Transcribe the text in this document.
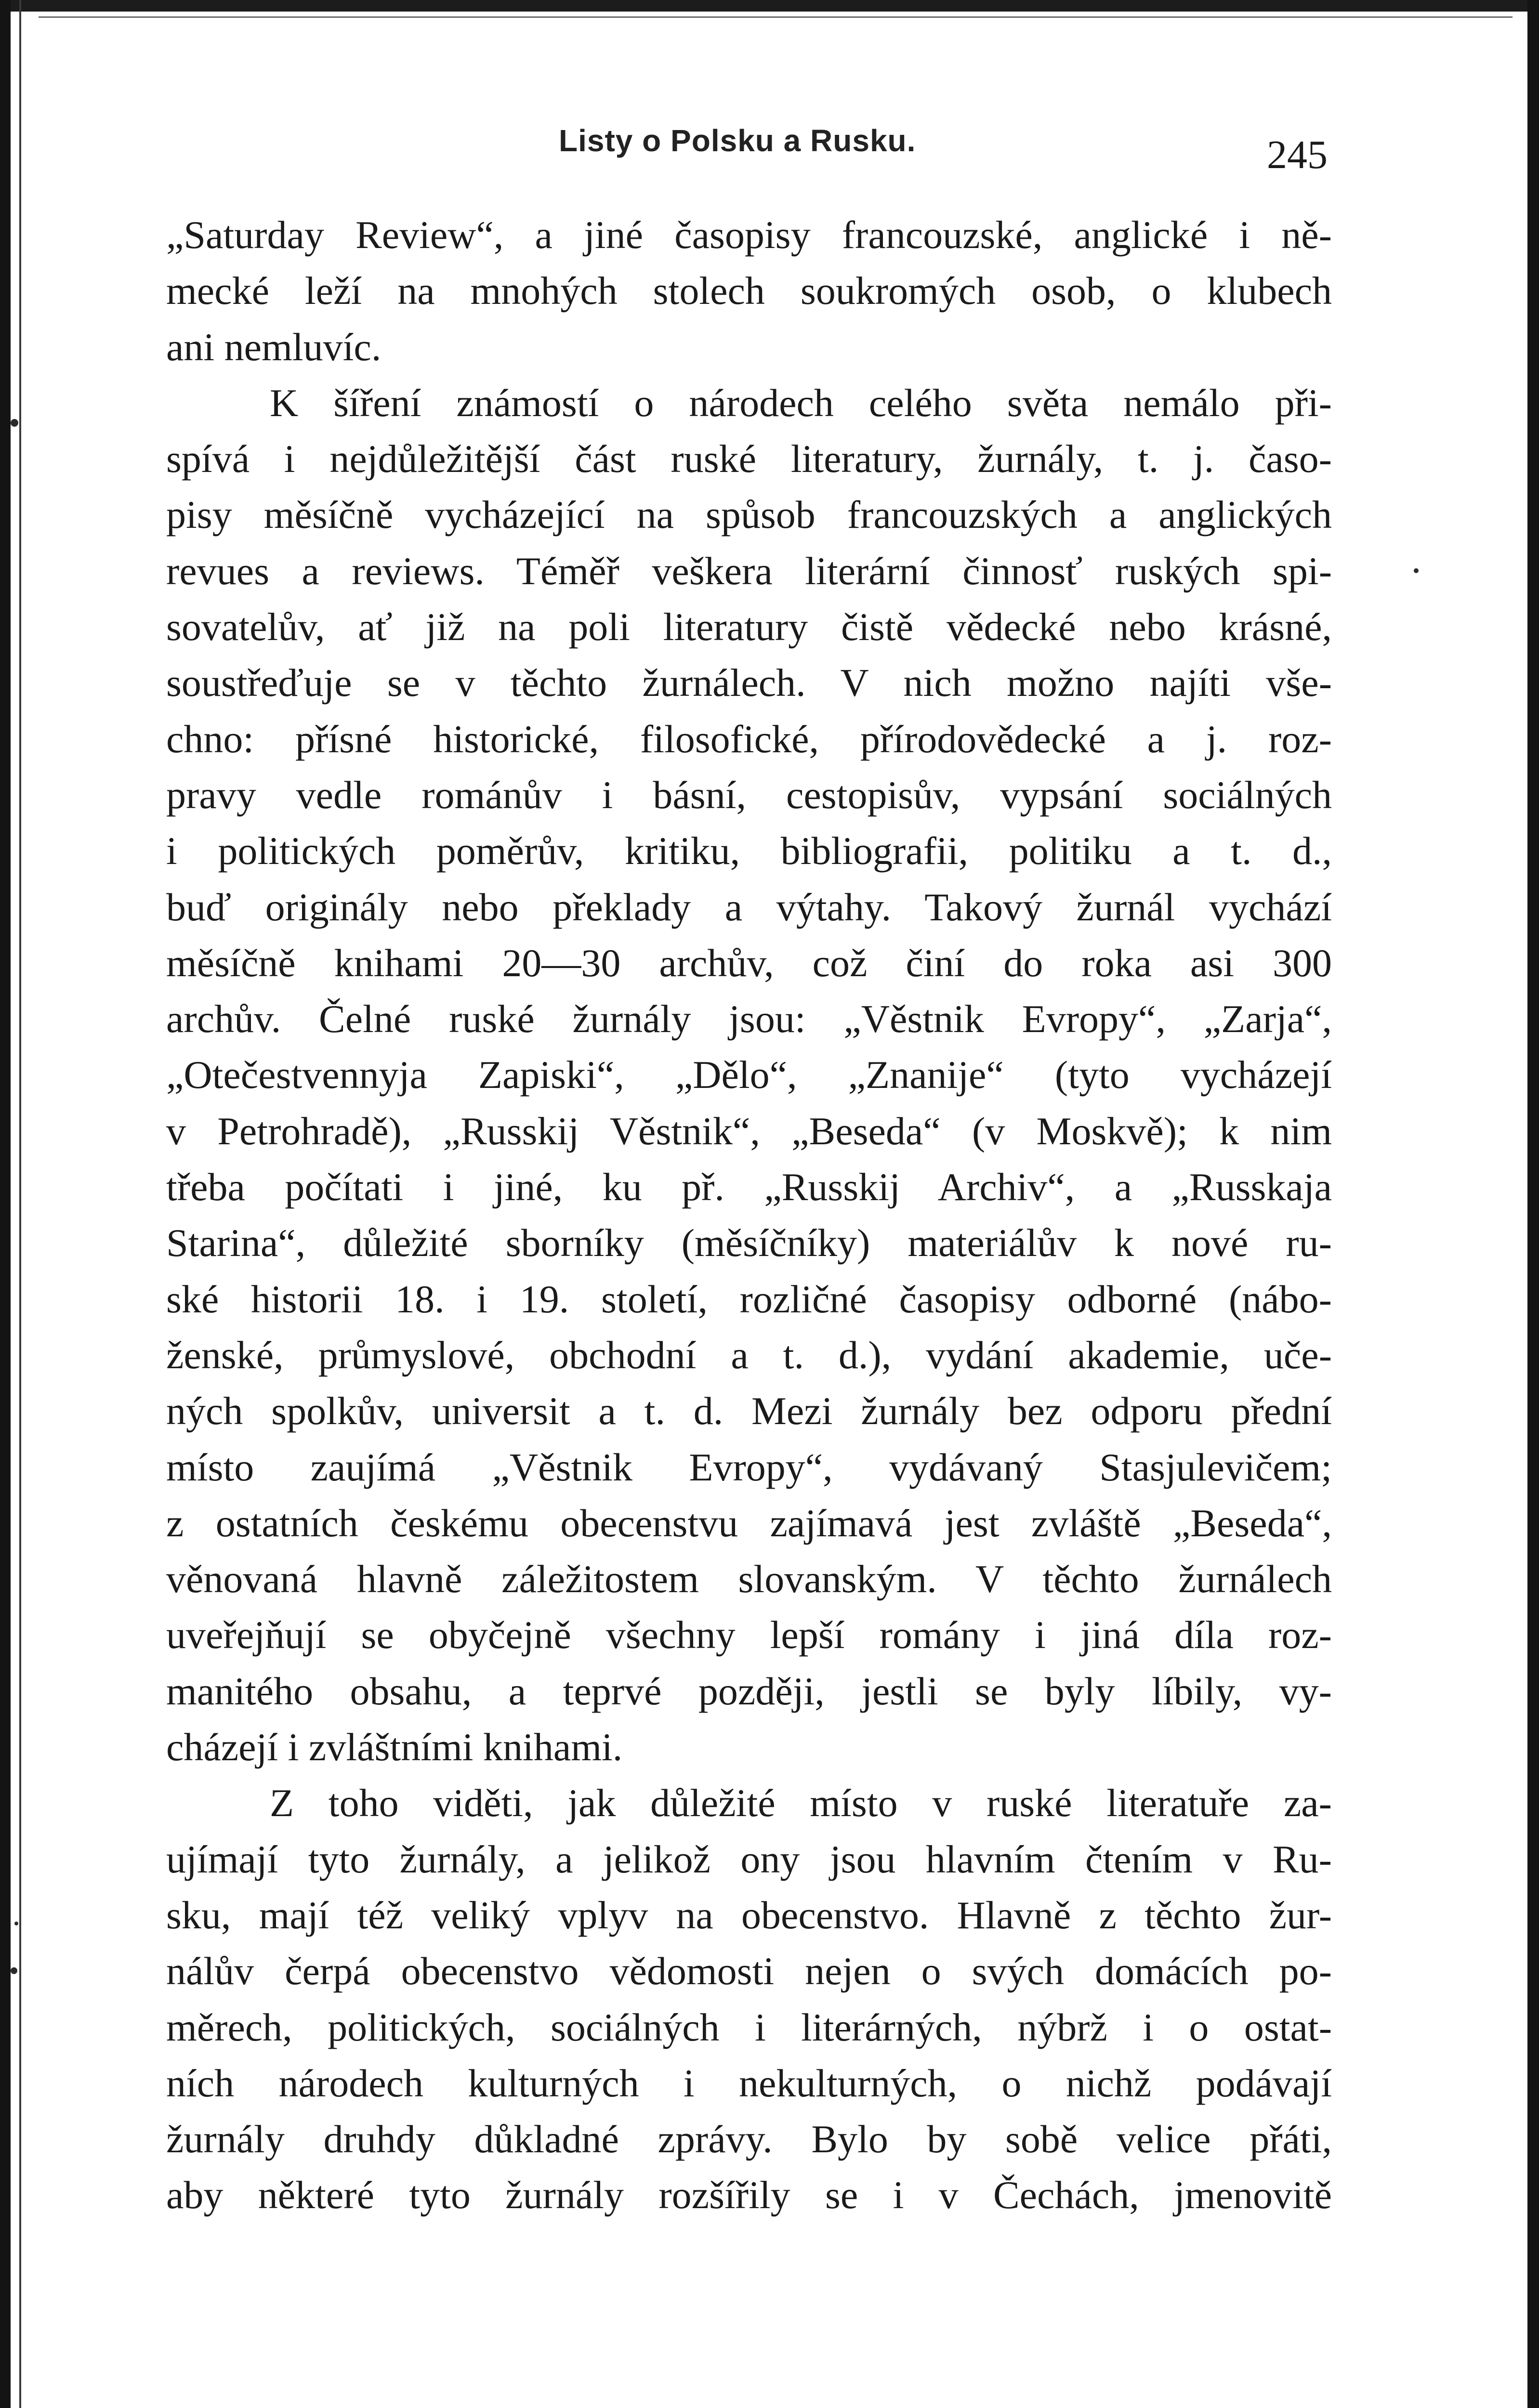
Listy o Polsku a Rusku.	245
„Saturday Review“, a jiné časopisy francouzské, anglické i ně-
mecké leží na mnohých stolech soukromých osob, o klubech
ani nemluvíc.
K šíření známostí o národech celého světa nemálo při-
spívá i nejdůležitější část ruské literatury, žurnály, t. j. časo-
pisy měsíčně vycházející na spůsob francouzských a anglických
revues a reviews. Téměř veškera literární činnosť ruských spi-
sovatelův, ať již na poli literatury čistě vědecké nebo krásné,
soustřeďuje se v těchto žurnálech. V nich možno najíti vše-
chno: přísné historické, filosofické, přírodovědecké a j. roz-
pravy vedle románův i básní, cestopisův, vypsání sociálných
i politických poměrův, kritiku, bibliografii, politiku a t. d.,
buď originály nebo překlady a výtahy. Takový žurnál vychází
měsíčně knihami 20—30 archův, což činí do roka asi 300
archův. Čelné ruské žurnály jsou: „Věstnik Evropy“, „Zarja“,
„Otečestvennyja Zapiski“, „Dělo“, „Znanije“ (tyto vycházejí
v Petrohradě), „Russkij Věstnik“, „Beseda“ (v Moskvě); k nim
třeba počítati i jiné, ku př. „Russkij Archiv“, a „Russkaja
Starina“, důležité sborníky (měsíčníky) materiálův k nové ru-
ské historii 18. i 19. století, rozličné časopisy odborné (nábo-
ženské, průmyslové, obchodní a t. d.), vydání akademie, uče-
ných spolkův, universit a t. d. Mezi žurnály bez odporu přední
místo zaujímá „Věstnik Evropy“, vydávaný Stasjulevičem;
z ostatních českému obecenstvu zajímavá jest zvláště „Beseda“,
věnovaná hlavně záležitostem slovanským. V těchto žurnálech
uveřejňují se obyčejně všechny lepší romány i jiná díla roz-
manitého obsahu, a teprvé později, jestli se byly líbily, vy-
cházejí i zvláštními knihami.
Z toho viděti, jak důležité místo v ruské literatuře za-
ujímají tyto žurnály, a jelikož ony jsou hlavním čtením v Ru-
sku, mají též veliký vplyv na obecenstvo. Hlavně z těchto žur-
nálův čerpá obecenstvo vědomosti nejen o svých domácích po-
měrech, politických, sociálných i literárných, nýbrž i o ostat-
ních národech kulturných i nekulturných, o nichž podávají
žurnály druhdy důkladné zprávy. Bylo by sobě velice přáti,
aby některé tyto žurnály rozšířily se i v Čechách, jmenovitě
